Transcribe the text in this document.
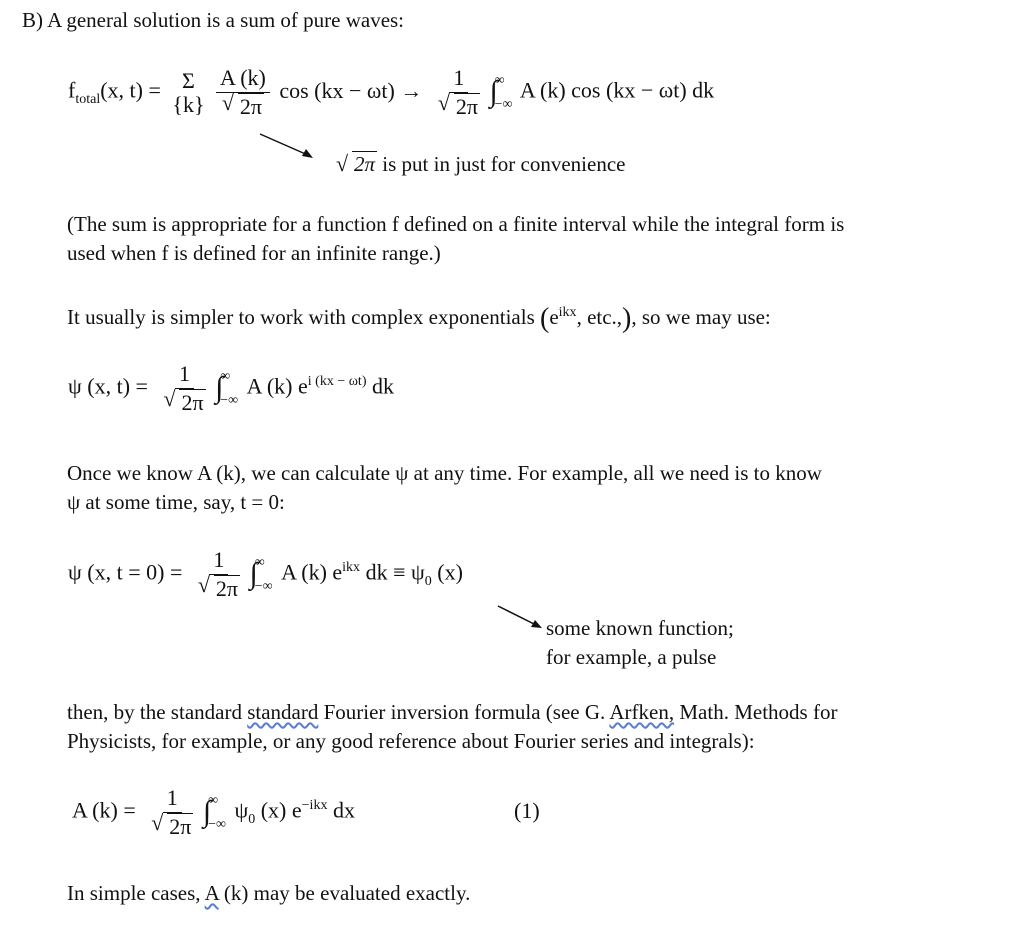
B) A general solution is a sum of pure waves:
$f_{total}(x$, t) = Σ
{k}
A (k)
√ 2π cos (kx − ωt) → 1
√ 2π ∫
∞
−∞
A (k) cos (kx − ωt) dk
√ 2π is put in just for convenience
(The sum is appropriate for a function f defined on a finite interval while the integral form is
used when f is defined for an infinite range.)
It usually is simpler to work with complex exponentials ($e^{ikx}$, etc.,), so we may use:
ψ (x, t) = 1
√ 2π ∫
∞
−∞
A (k) $e^{i (kx - \omega t)}$ dk
Once we know A (k), we can calculate ψ at any time. For example, all we need is to know
ψ at some time, say, t = 0:
ψ (x, t = 0) = 1
√ 2π ∫
∞
−∞
A (k) $e^{ikx}$ dk ≡ $\psi_0$ (x)
some known function;
for example, a pulse
then, by the standard standard Fourier inversion formula (see G. Arfken, Math. Methods for
Physicists, for example, or any good reference about Fourier series and integrals):
A (k) = 1
√ 2π ∫
∞
−∞
$\psi_0$ (x) $e^{-ikx}$ dx	(1)
In simple cases, A (k) may be evaluated exactly.
